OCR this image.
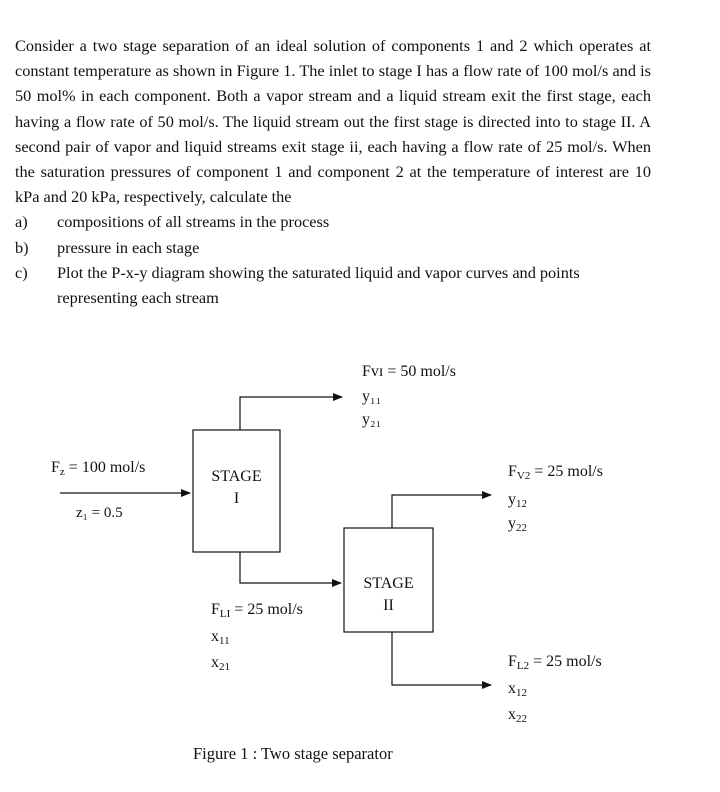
Consider a two stage separation of an ideal solution of components 1 and 2 which operates at constant temperature as shown in Figure 1. The inlet to stage I has a flow rate of 100 mol/s and is 50 mol% in each component. Both a vapor stream and a liquid stream exit the first stage, each having a flow rate of 50 mol/s. The liquid stream out the first stage is directed into to stage II. A second pair of vapor and liquid streams exit stage ii, each having a flow rate of 25 mol/s. When the saturation pressures of component 1 and component 2 at the temperature of interest are 10 kPa and 20 kPa, respectively, calculate the

a) compositions of all streams in the process
b) pressure in each stage
c) Plot the P-x-y diagram showing the saturated liquid and vapor curves and points representing each stream
STAGE
I
STAGE
II
$F_z = 100$ mol/s
z₁ = 0.5
Fᴠɪ = 50 mol/s
y₁₁
y₂₁
$F_{LI} = 25$ mol/s
$x_{11}$
$x_{21}$
$F_{V2} = 25$ mol/s
$y_{12}$
$y_{22}$
$F_{L2} = 25$ mol/s
$x_{12}$
$x_{22}$
Figure 1 : Two stage separator
